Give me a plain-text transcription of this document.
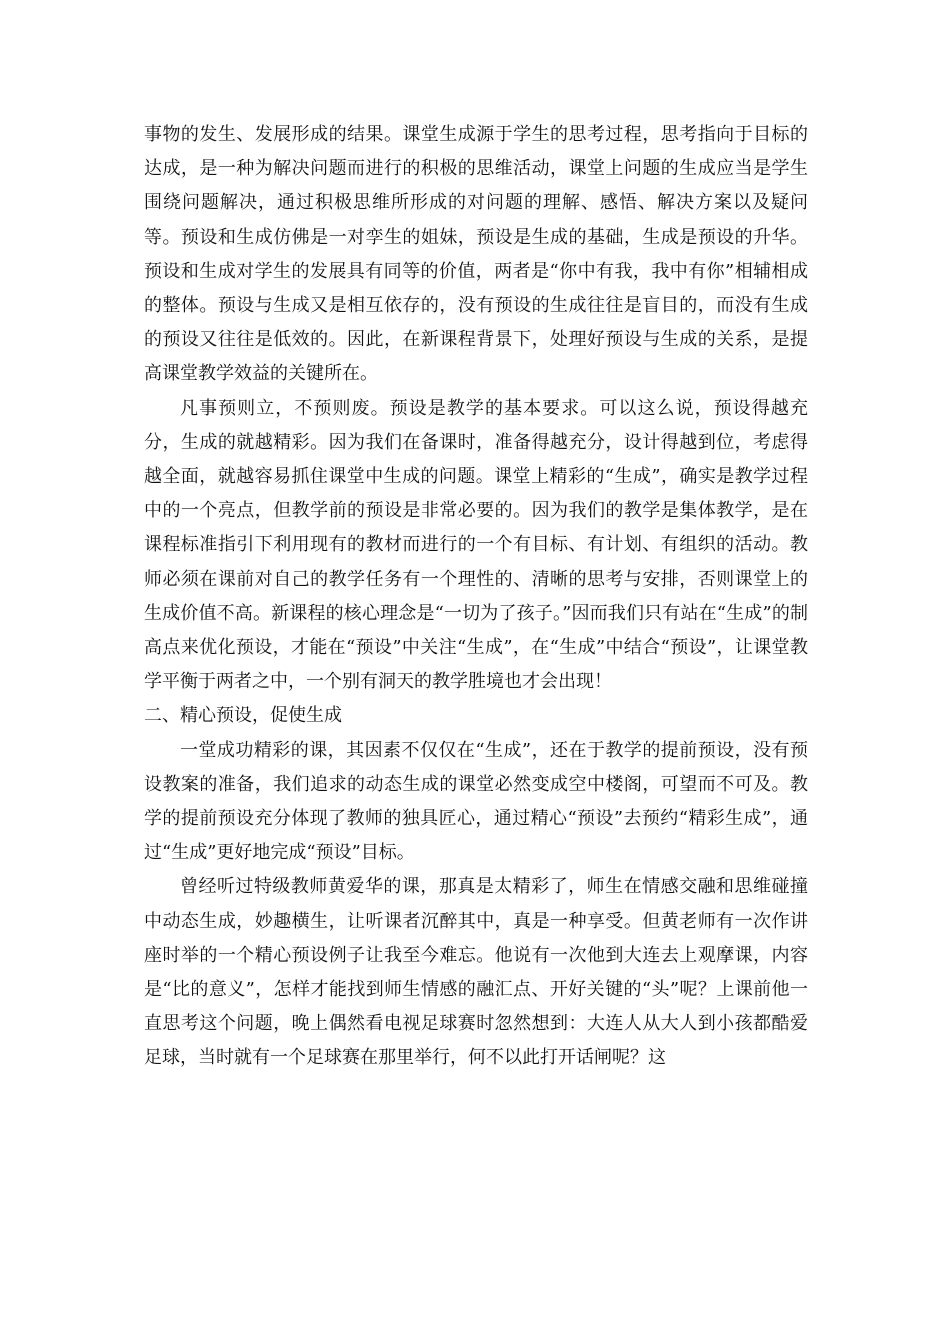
事物的发生、发展形成的结果。课堂生成源于学生的思考过程，思考指向于目标的达成，是一种为解决问题而进行的积极的思维活动，课堂上问题的生成应当是学生围绕问题解决，通过积极思维所形成的对问题的理解、感悟、解决方案以及疑问等。预设和生成仿佛是一对孪生的姐妹，预设是生成的基础，生成是预设的升华。预设和生成对学生的发展具有同等的价值，两者是“你中有我，我中有你”相辅相成的整体。预设与生成又是相互依存的，没有预设的生成往往是盲目的，而没有生成的预设又往往是低效的。因此，在新课程背景下，处理好预设与生成的关系，是提高课堂教学效益的关键所在。

凡事预则立，不预则废。预设是教学的基本要求。可以这么说，预设得越充分，生成的就越精彩。因为我们在备课时，准备得越充分，设计得越到位，考虑得越全面，就越容易抓住课堂中生成的问题。课堂上精彩的“生成”，确实是教学过程中的一个亮点，但教学前的预设是非常必要的。因为我们的教学是集体教学，是在课程标准指引下利用现有的教材而进行的一个有目标、有计划、有组织的活动。教师必须在课前对自己的教学任务有一个理性的、清晰的思考与安排，否则课堂上的生成价值不高。新课程的核心理念是“一切为了孩子。”因而我们只有站在“生成”的制高点来优化预设，才能在“预设”中关注“生成”，在“生成”中结合“预设”，让课堂教学平衡于两者之中，一个别有洞天的教学胜境也才会出现！

二、精心预设，促使生成

一堂成功精彩的课，其因素不仅仅在“生成”，还在于教学的提前预设，没有预设教案的准备，我们追求的动态生成的课堂必然变成空中楼阁，可望而不可及。教学的提前预设充分体现了教师的独具匠心，通过精心“预设”去预约“精彩生成”，通过“生成”更好地完成“预设”目标。

曾经听过特级教师黄爱华的课，那真是太精彩了，师生在情感交融和思维碰撞中动态生成，妙趣横生，让听课者沉醉其中，真是一种享受。但黄老师有一次作讲座时举的一个精心预设例子让我至今难忘。他说有一次他到大连去上观摩课，内容是“比的意义”，怎样才能找到师生情感的融汇点、开好关键的“头”呢？上课前他一直思考这个问题，晚上偶然看电视足球赛时忽然想到：大连人从大人到小孩都酷爱足球，当时就有一个足球赛在那里举行，何不以此打开话闸呢？这
